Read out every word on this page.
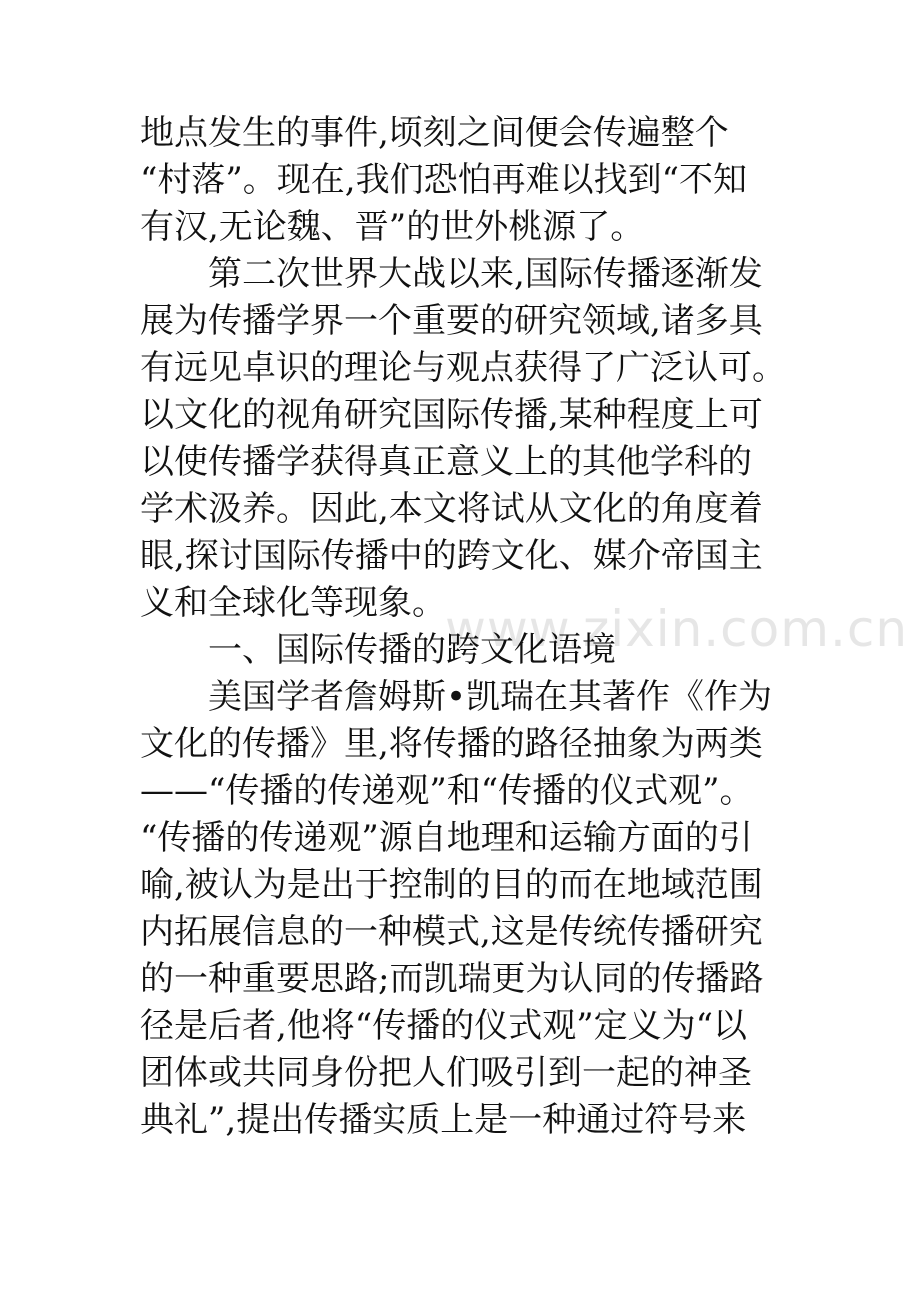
www.zixin.com.cn
地点发生的事件,顷刻之间便会传遍整个
“村落”。现在,我们恐怕再难以找到“不知
有汉,无论魏、晋”的世外桃源了。
第二次世界大战以来,国际传播逐渐发
展为传播学界一个重要的研究领域,诸多具
有远见卓识的理论与观点获得了广泛认可。
以文化的视角研究国际传播,某种程度上可
以使传播学获得真正意义上的其他学科的
学术汲养。因此,本文将试从文化的角度着
眼,探讨国际传播中的跨文化、媒介帝国主
义和全球化等现象。
一、国际传播的跨文化语境
美国学者詹姆斯•凯瑞在其著作《作为
文化的传播》里,将传播的路径抽象为两类
——“传播的传递观”和“传播的仪式观”。
“传播的传递观”源自地理和运输方面的引
喻,被认为是出于控制的目的而在地域范围
内拓展信息的一种模式,这是传统传播研究
的一种重要思路;而凯瑞更为认同的传播路
径是后者,他将“传播的仪式观”定义为“以
团体或共同身份把人们吸引到一起的神圣
典礼”,提出传播实质上是一种通过符号来
